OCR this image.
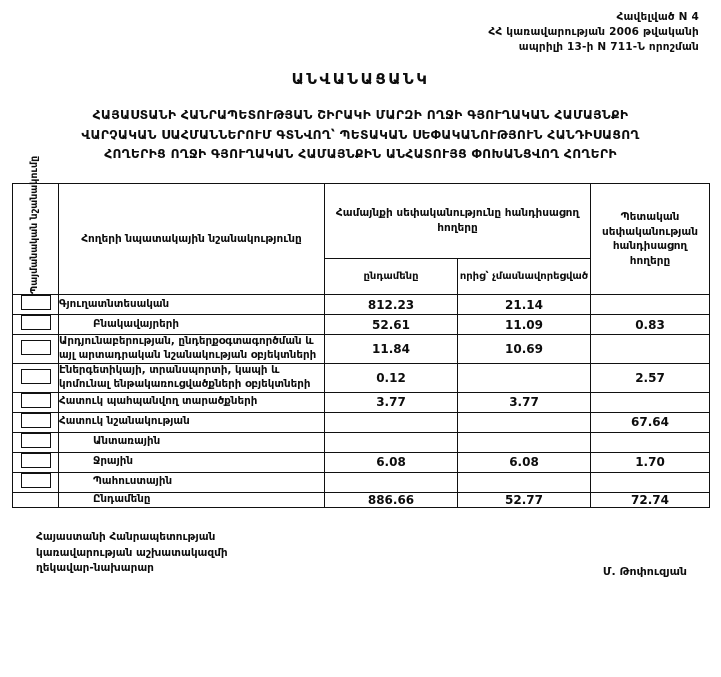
Հավելված N 4
ՀՀ կառավարության 2006 թվականի
ապրիլի 13-ի N 711-Ն որոշման
ԱՆՎԱՆԱՑԱՆԿ
ՀԱՅԱՍՏԱՆԻ ՀԱՆՐԱՊԵՏՈՒԹՅԱՆ ՇԻՐԱԿԻ ՄԱՐԶԻ ՈՂՋԻ ԳՅՈՒՂԱԿԱՆ ՀԱՄԱՅՆՔԻ
ՎԱՐՉԱԿԱՆ ՍԱՀՄԱՆՆԵՐՈՒՄ ԳՏՆՎՈՂ՝ ՊԵՏԱԿԱՆ ՍԵՓԱԿԱՆՈՒԹՅՈՒՆ ՀԱՆԴԻՍԱՑՈՂ
ՀՈՂԵՐԻՑ ՈՂՋԻ ԳՅՈՒՂԱԿԱՆ ՀԱՄԱՅՆՔԻՆ ԱՆՀԱՏՈՒՅՑ ՓՈԽԱՆՑՎՈՂ ՀՈՂԵՐԻ
Պայմանական նշանակումը	Հողերի նպատակային նշանակությունը	Համայնքի սեփականությունը հանդիսացող հողերը		Պետական սեփականության հանդիսացող հողերը
		ընդամենը	որից՝ չմասնավորեցված	
	Գյուղատնտեսական	812.23	21.14	
	Բնակավայրերի	52.61	11.09	0.83
	Արդյունաբերության, ընդերքօգտագործման և այլ արտադրական նշանակության օբյեկտների	11.84	10.69	
	Էներգետիկայի, տրանսպորտի, կապի և կոմունալ ենթակառուցվածքների օբյեկտների	0.12		2.57
	Հատուկ պահպանվող տարածքների	3.77	3.77	
	Հատուկ նշանակության			67.64
	Անտառային			
	Ջրային	6.08	6.08	1.70
	Պահուստային			
	Ընդամենը	886.66	52.77	72.74
Հայաստանի Հանրապետության
կառավարության աշխատակազմի
ղեկավար-նախարար	Մ. Թոփուզյան
